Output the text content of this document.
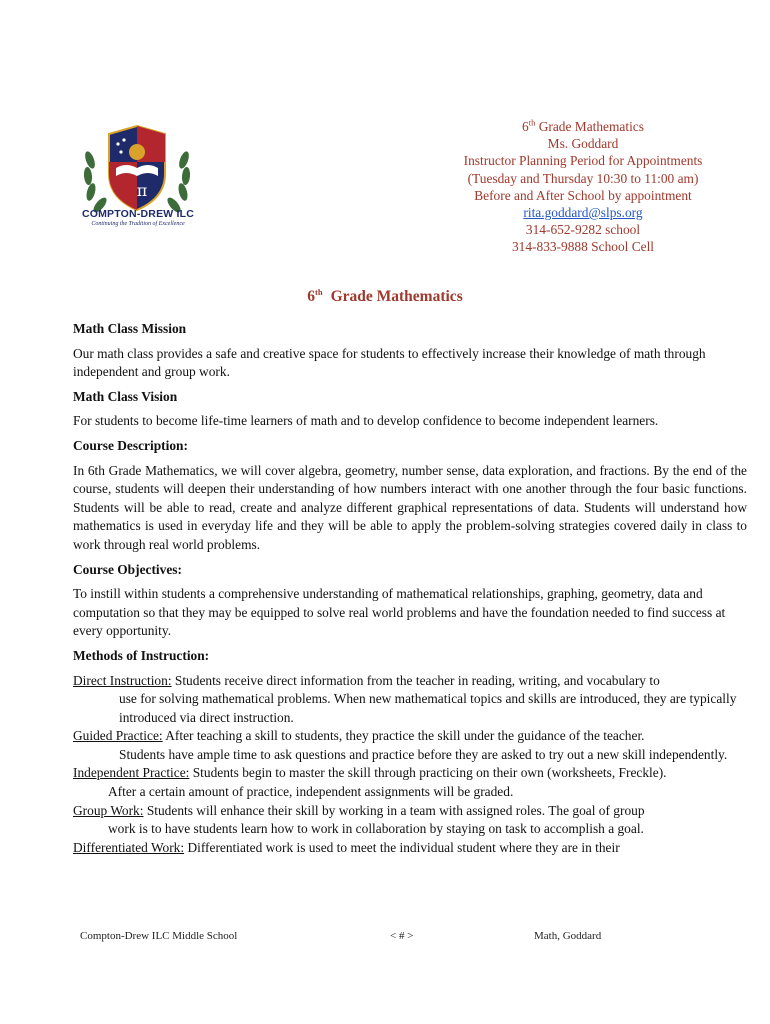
π
COMPTON-DREW ILC
Continuing the Tradition of Excellence
6th Grade Mathematics
Ms. Goddard
Instructor Planning Period for Appointments
(Tuesday and Thursday 10:30 to 11:00 am)
Before and After School by appointment
rita.goddard@slps.org
314-652-9282 school
314-833-9888 School Cell
6th Grade Mathematics
Math Class Mission
Our math class provides a safe and creative space for students to effectively increase their knowledge of math through independent and group work.
Math Class Vision
For students to become life-time learners of math and to develop confidence to become independent learners.
Course Description:
In 6th Grade Mathematics, we will cover algebra, geometry, number sense, data exploration, and fractions. By the end of the course, students will deepen their understanding of how numbers interact with one another through the four basic functions. Students will be able to read, create and analyze different graphical representations of data. Students will understand how mathematics is used in everyday life and they will be able to apply the problem-solving strategies covered daily in class to work through real world problems.
Course Objectives:
To instill within students a comprehensive understanding of mathematical relationships, graphing, geometry, data and computation so that they may be equipped to solve real world problems and have the foundation needed to find success at every opportunity.
Methods of Instruction:
Direct Instruction: Students receive direct information from the teacher in reading, writing, and vocabulary to
use for solving mathematical problems. When new mathematical topics and skills are introduced, they are typically introduced via direct instruction.
Guided Practice: After teaching a skill to students, they practice the skill under the guidance of the teacher.
Students have ample time to ask questions and practice before they are asked to try out a new skill independently.
Independent Practice: Students begin to master the skill through practicing on their own (worksheets, Freckle).
After a certain amount of practice, independent assignments will be graded.
Group Work: Students will enhance their skill by working in a team with assigned roles. The goal of group
work is to have students learn how to work in collaboration by staying on task to accomplish a goal.
Differentiated Work: Differentiated work is used to meet the individual student where they are in their
Compton-Drew ILC Middle School	< # >	Math, Goddard
